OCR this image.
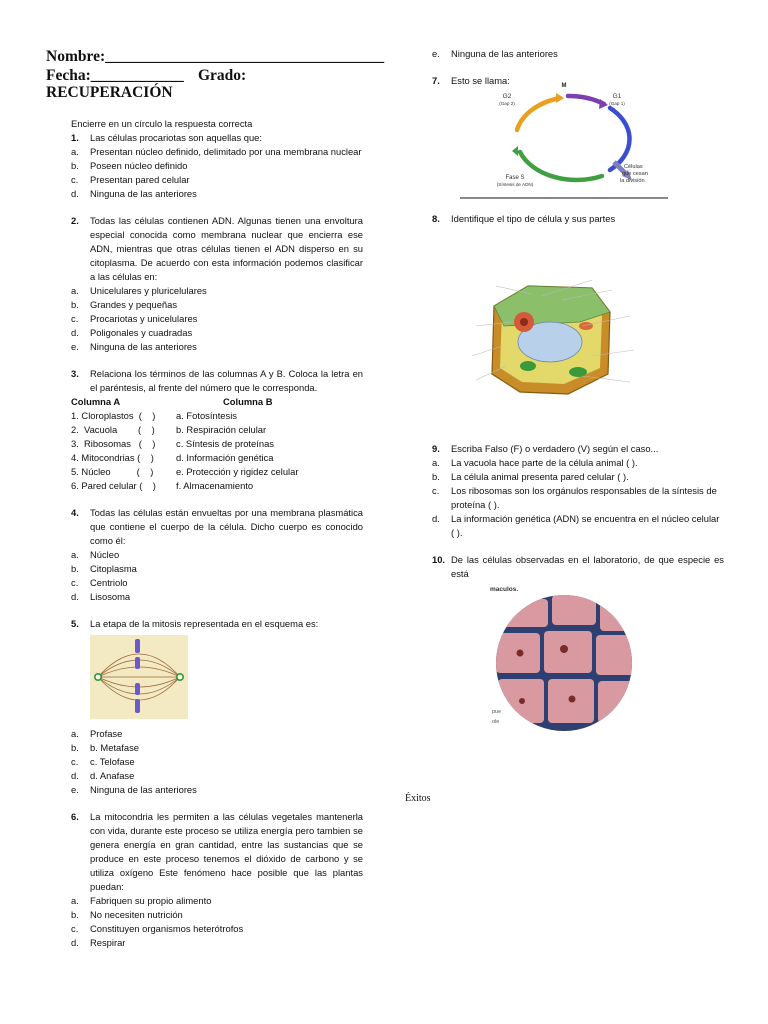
Nombre:____________________________________
Fecha:____________ Grado:
RECUPERACIÓN
Encierre en un círculo la respuesta correcta
1.	Las células procariotas son aquellas que:
a.	Presentan núcleo definido, delimitado por una membrana nuclear
b.	Poseen núcleo definido
c.	Presentan pared celular
d.	Ninguna de las anteriores
2.	Todas las células contienen ADN. Algunas tienen una envoltura especial conocida como membrana nuclear que encierra ese ADN, mientras que otras células tienen el ADN disperso en su citoplasma. De acuerdo con esta información podemos clasificar a las células en:
a.	Unicelulares y pluricelulares
b.	Grandes y pequeñas
c.	Procariotas y unicelulares
d.	Poligonales y cuadradas
e.	Ninguna de las anteriores
3.	Relaciona los términos de las columnas A y B. Coloca la letra en el paréntesis, al frente del número que le corresponda.
Columna A	Columna B
1. Cloroplastos  (    )	a. Fotosíntesis
2.  Vacuola        (    )	b. Respiración celular
3.  Ribosomas   (    )	c. Síntesis de proteínas
4. Mitocondrias (    )	d. Información genética
5. Núcleo          (    )	e. Protección y rigidez celular
6. Pared celular (    )	f. Almacenamiento
4.	Todas las células están envueltas por una membrana plasmática que contiene el cuerpo de la célula. Dicho cuerpo es conocido como él:
a.	Núcleo
b.	Citoplasma
c.	Centriolo
d.	Lisosoma
5.	La etapa de la mitosis representada en el esquema es:
a.	Profase
b.	b. Metafase
c.	c. Telofase
d.	d. Anafase
e.	Ninguna de las anteriores
6.	La mitocondria les permiten a las células vegetales mantenerla con vida, durante este proceso se utiliza energía pero tambien se genera energía en gran cantidad, entre las sustancias que se produce en este proceso tenemos el dióxido de carbono y se utiliza oxígeno Este fenómeno hace posible que las plantas puedan:
a.	Fabriquen su propio alimento
b.	No necesiten nutrición
c.	Constituyen organismos heterótrofos
d.	Respirar
e.	Ninguna de las anteriores
7.	Esto se llama:	M
G2
(Gap 2)
G1
(Gap 1)
Fase S
(Síntesis de ADN)
Células
que cesan
la división
8.	Identifique el tipo de célula y sus partes
9.	Escriba Falso (F) o verdadero (V) según el caso...
a.	La vacuola hace parte de la célula animal ( ).
b.	La célula animal presenta pared celular ( ).
c.	Los ribosomas son los orgánulos responsables de la síntesis de proteína ( ).
d.	La información genética (ADN) se encuentra en el núcleo celular ( ).
10. De las células observadas en el laboratorio, de que especie es está
maculos.
pue
ole
Éxitos
